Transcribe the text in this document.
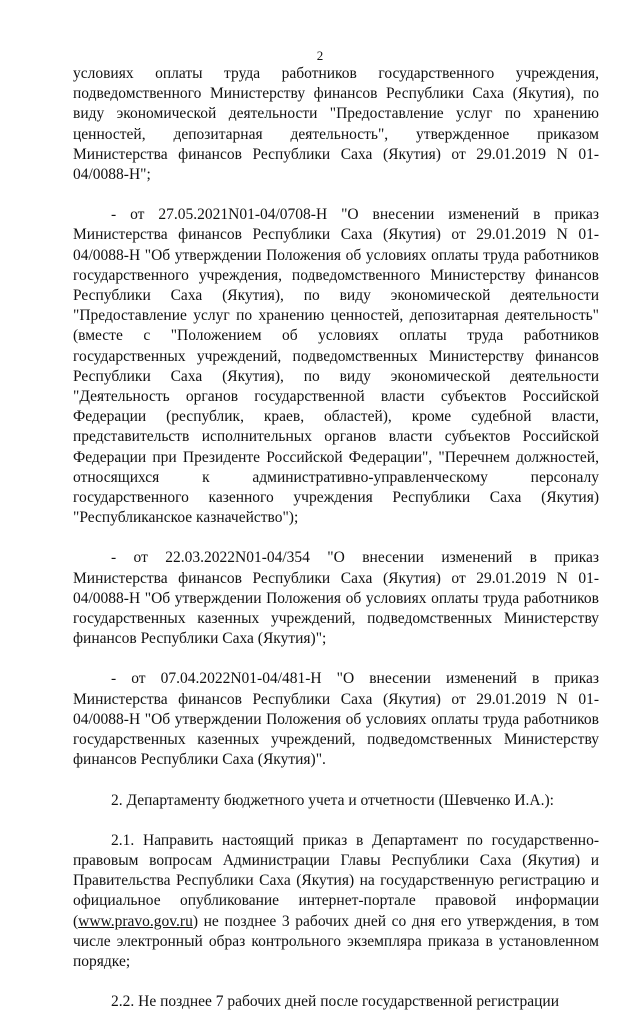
2

условиях оплаты труда работников государственного учреждения, подведомственного Министерству финансов Республики Саха (Якутия), по виду экономической деятельности "Предоставление услуг по хранению ценностей, депозитарная деятельность", утвержденное приказом Министерства финансов Республики Саха (Якутия) от 29.01.2019 N 01-04/0088-Н";

- от 27.05.2021N01-04/0708-Н "О внесении изменений в приказ Министерства финансов Республики Саха (Якутия) от 29.01.2019 N 01-04/0088-Н "Об утверждении Положения об условиях оплаты труда работников государственного учреждения, подведомственного Министерству финансов Республики Саха (Якутия), по виду экономической деятельности "Предоставление услуг по хранению ценностей, депозитарная деятельность" (вместе с "Положением об условиях оплаты труда работников государственных учреждений, подведомственных Министерству финансов Республики Саха (Якутия), по виду экономической деятельности "Деятельность органов государственной власти субъектов Российской Федерации (республик, краев, областей), кроме судебной власти, представительств исполнительных органов власти субъектов Российской Федерации при Президенте Российской Федерации", "Перечнем должностей, относящихся к административно-управленческому персоналу государственного казенного учреждения Республики Саха (Якутия) "Республиканское казначейство");

- от 22.03.2022N01-04/354 "О внесении изменений в приказ Министерства финансов Республики Саха (Якутия) от 29.01.2019 N 01-04/0088-Н "Об утверждении Положения об условиях оплаты труда работников государственных казенных учреждений, подведомственных Министерству финансов Республики Саха (Якутия)";

- от 07.04.2022N01-04/481-Н "О внесении изменений в приказ Министерства финансов Республики Саха (Якутия) от 29.01.2019 N 01-04/0088-Н "Об утверждении Положения об условиях оплаты труда работников государственных казенных учреждений, подведомственных Министерству финансов Республики Саха (Якутия)".

2. Департаменту бюджетного учета и отчетности (Шевченко И.А.):

2.1. Направить настоящий приказ в Департамент по государственно-правовым вопросам Администрации Главы Республики Саха (Якутия) и Правительства Республики Саха (Якутия) на государственную регистрацию и официальное опубликование интернет-портале правовой информации (www.pravo.gov.ru) не позднее 3 рабочих дней со дня его утверждения, в том числе электронный образ контрольного экземпляра приказа в установленном порядке;

2.2. Не позднее 7 рабочих дней после государственной регистрации
